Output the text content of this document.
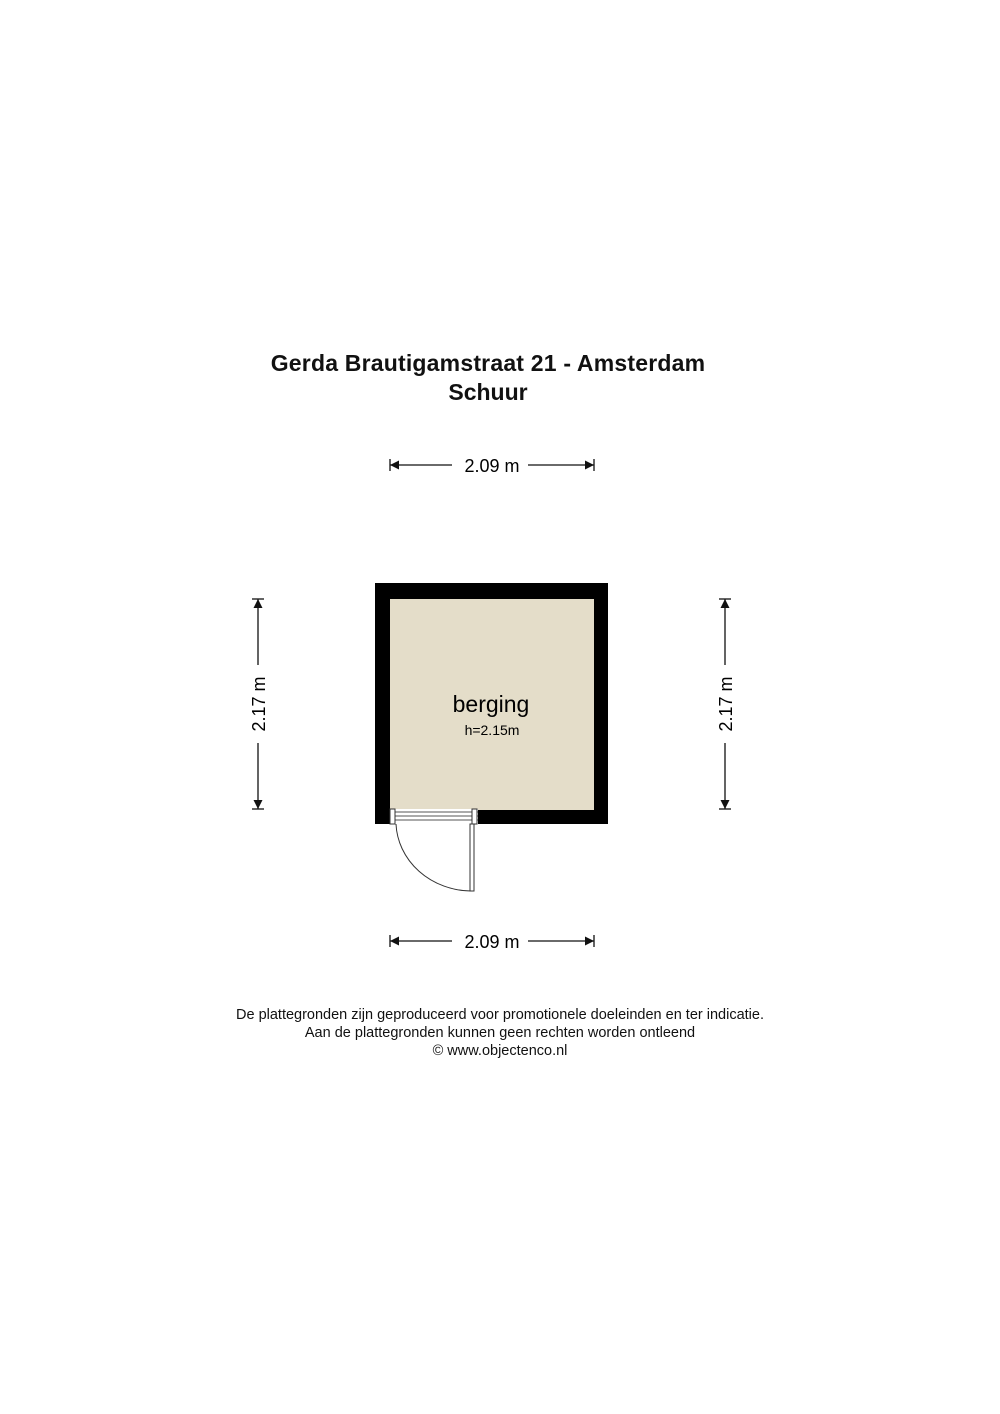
Gerda Brautigamstraat 21 - Amsterdam
Schuur
berging
h=2.15m
2.09 m
2.09 m
2.17 m	2.17 m
De plattegronden zijn geproduceerd voor promotionele doeleinden en ter indicatie.
Aan de plattegronden kunnen geen rechten worden ontleend
© www.objectenco.nl
